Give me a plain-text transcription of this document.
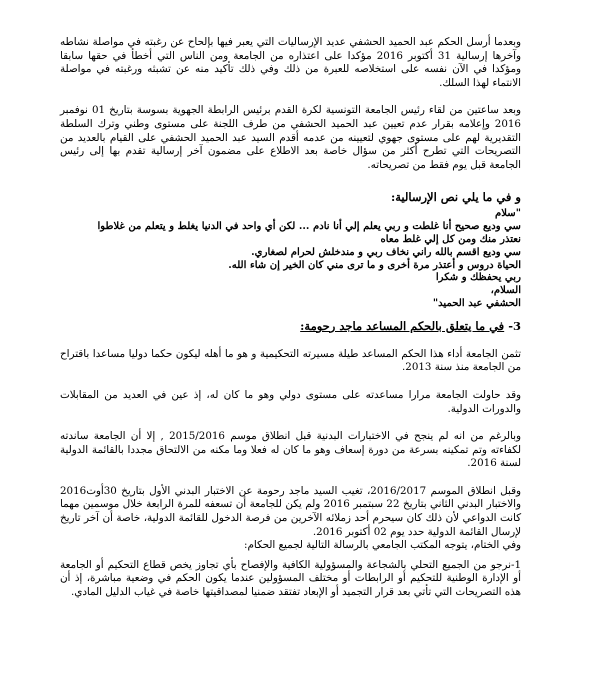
وبعدما أرسل الحكم عبد الحميد الحشفي عديد الإرساليات التي يعبر فيها بإلحاح عن رغبته في مواصلة نشاطه وآخرها إرسالية 31 أكتوبر 2016 مؤكدا على اعتذاره من الجامعة ومن الناس التي أخطأ في حقها سابقا ومؤكدا في الآن نفسه على استخلاصه للعبرة من ذلك وفي ذلك تأكيد منه عن تشبثه ورغبته في مواصلة الانتماء لهذا السلك.

وبعد ساعتين من لقاء رئيس الجامعة التونسية لكرة القدم برئيس الرابطة الجهوية بسوسة بتاريخ 01 نوفمبر 2016 وإعلامه بقرار عدم تعيين عبد الحميد الحشفي من طرف اللجنة على مستوى وطني وترك السلطة التقديرية لهم على مستوى جهوي لتعيينه من عدمه أقدم السيد عبد الحميد الحشفي على القيام بالعديد من التصريحات التي تطرح أكثر من سؤال خاصة بعد الاطلاع على مضمون آخر إرسالية تقدم بها إلى رئيس الجامعة قبل يوم فقط من تصريحاته.

و في ما يلي نص الإرسالية:

"سلام

سي وديع صحيح أنا غلطت و ربي يعلم إلي أنا نادم ... لكن أي واحد في الدنيا يغلط و يتعلم من غلاطوا

نعتذر منك ومن كل إلي غلط معاه

سي وديع اقسم بالله راني نخاف ربي و مندخلش لحرام لصغاري.

الحياة دروس و أعتذر مرة أخرى و ما ترى مني كان الخير إن شاء الله.

ربي يحفظك و شكرا

السلام،

الحشفي عبد الحميد"

3- في ما يتعلق بالحكم المساعد ماجد رحومة:

تثمن الجامعة أداء هذا الحكم المساعد طيلة مسيرته التحكيمية و هو ما أهله ليكون حكما دوليا مساعدا باقتراح من الجامعة منذ سنة 2013.

وقد حاولت الجامعة مرارا مساعدته على مستوى دولي وهو ما كان له، إذ عين في العديد من المقابلات والدورات الدولية.

وبالرغم من انه لم ينجح في الاختبارات البدنية قبل انطلاق موسم 2015/2016 , إلا أن الجامعة ساندته لكفاءته وتم تمكينه بسرعة من دورة إسعاف وهو ما كان له فعلا وما مكنه من الالتحاق مجددا بالقائمة الدولية لسنة 2016.

وقبل انطلاق الموسم 2016/2017، تغيب السيد ماجد رحومة عن الاختبار البدني الأول بتاريخ 30أوت2016 والاختبار البدني الثاني بتاريخ 22 سبتمبر 2016 ولم يكن للجامعة أن تسعفه للمرة الرابعة خلال موسمين مهما كانت الدواعي لأن ذلك كان سيحرم أحد زملائه الآخرين من فرصة الدخول للقائمة الدولية، خاصة أن آخر تاريخ لإرسال القائمة الدولية حدد يوم 02 أكتوبر 2016.

وفي الختام، يتوجه المكتب الجامعي بالرسالة التالية لجميع الحكام:

1-نرجو من الجميع التحلي بالشجاعة والمسؤولية الكافية والإفصاح بأي تجاوز يخص قطاع التحكيم أو الجامعة أو الإدارة الوطنية للتحكيم أو الرابطات أو مختلف المسؤولين عندما يكون الحكم في وضعية مباشرة، إذ أن هذه التصريحات التي تأتي بعد قرار التجميد أو الإبعاد تفتقد ضمنيا لمصداقيتها خاصة في غياب الدليل المادي.
